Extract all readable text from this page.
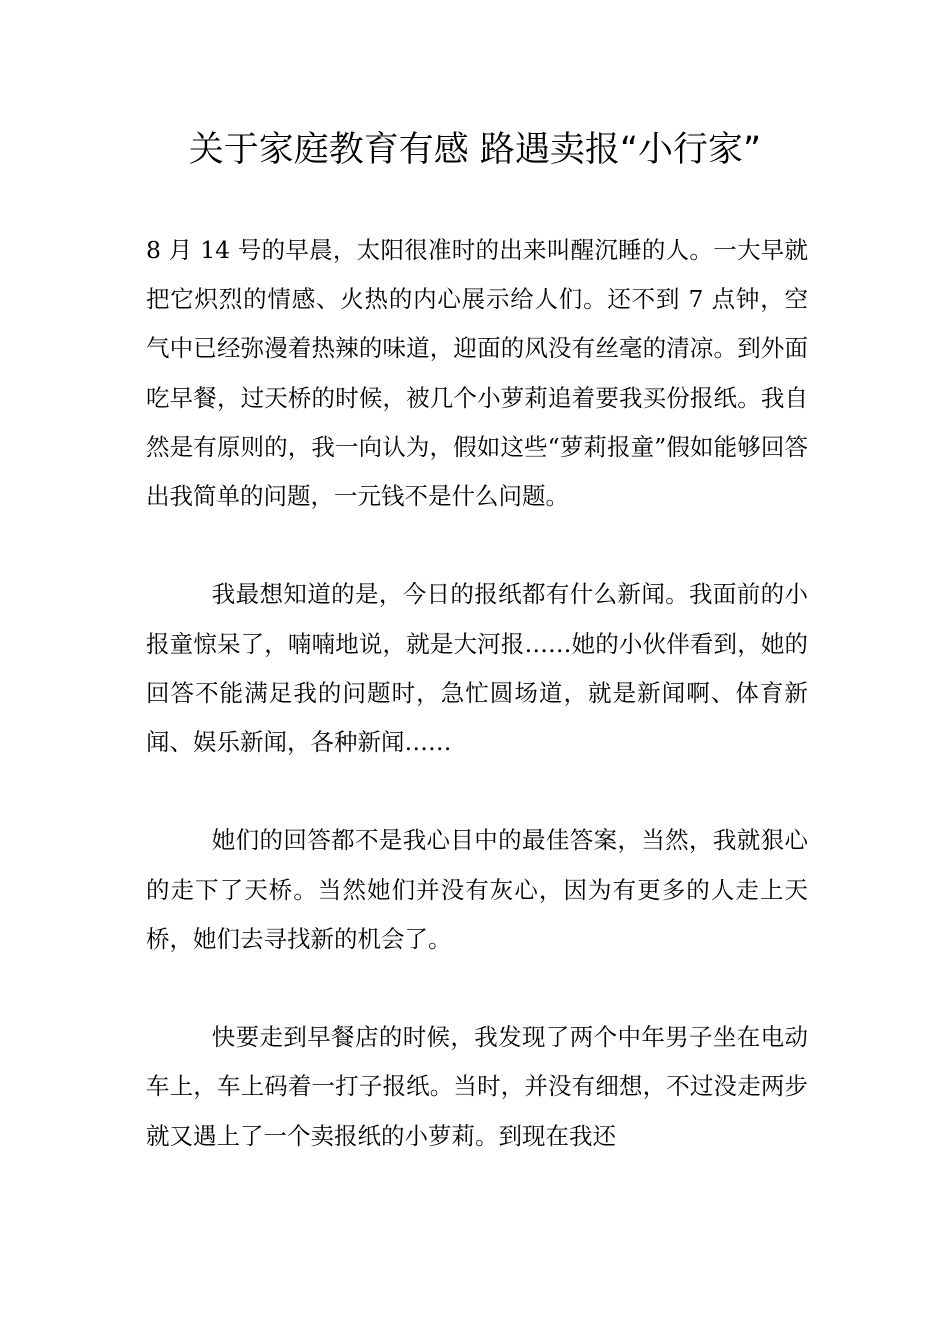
关于家庭教育有感 路遇卖报“小行家”

8 月 14 号的早晨，太阳很准时的出来叫醒沉睡的人。一大早就把它炽烈的情感、火热的内心展示给人们。还不到 7 点钟，空气中已经弥漫着热辣的味道，迎面的风没有丝毫的清凉。到外面吃早餐，过天桥的时候，被几个小萝莉追着要我买份报纸。我自然是有原则的，我一向认为，假如这些“萝莉报童”假如能够回答出我简单的问题，一元钱不是什么问题。

我最想知道的是，今日的报纸都有什么新闻。我面前的小报童惊呆了，喃喃地说，就是大河报……她的小伙伴看到，她的回答不能满足我的问题时，急忙圆场道，就是新闻啊、体育新闻、娱乐新闻，各种新闻……

她们的回答都不是我心目中的最佳答案，当然，我就狠心的走下了天桥。当然她们并没有灰心，因为有更多的人走上天桥，她们去寻找新的机会了。

快要走到早餐店的时候，我发现了两个中年男子坐在电动车上，车上码着一打子报纸。当时，并没有细想，不过没走两步就又遇上了一个卖报纸的小萝莉。到现在我还
